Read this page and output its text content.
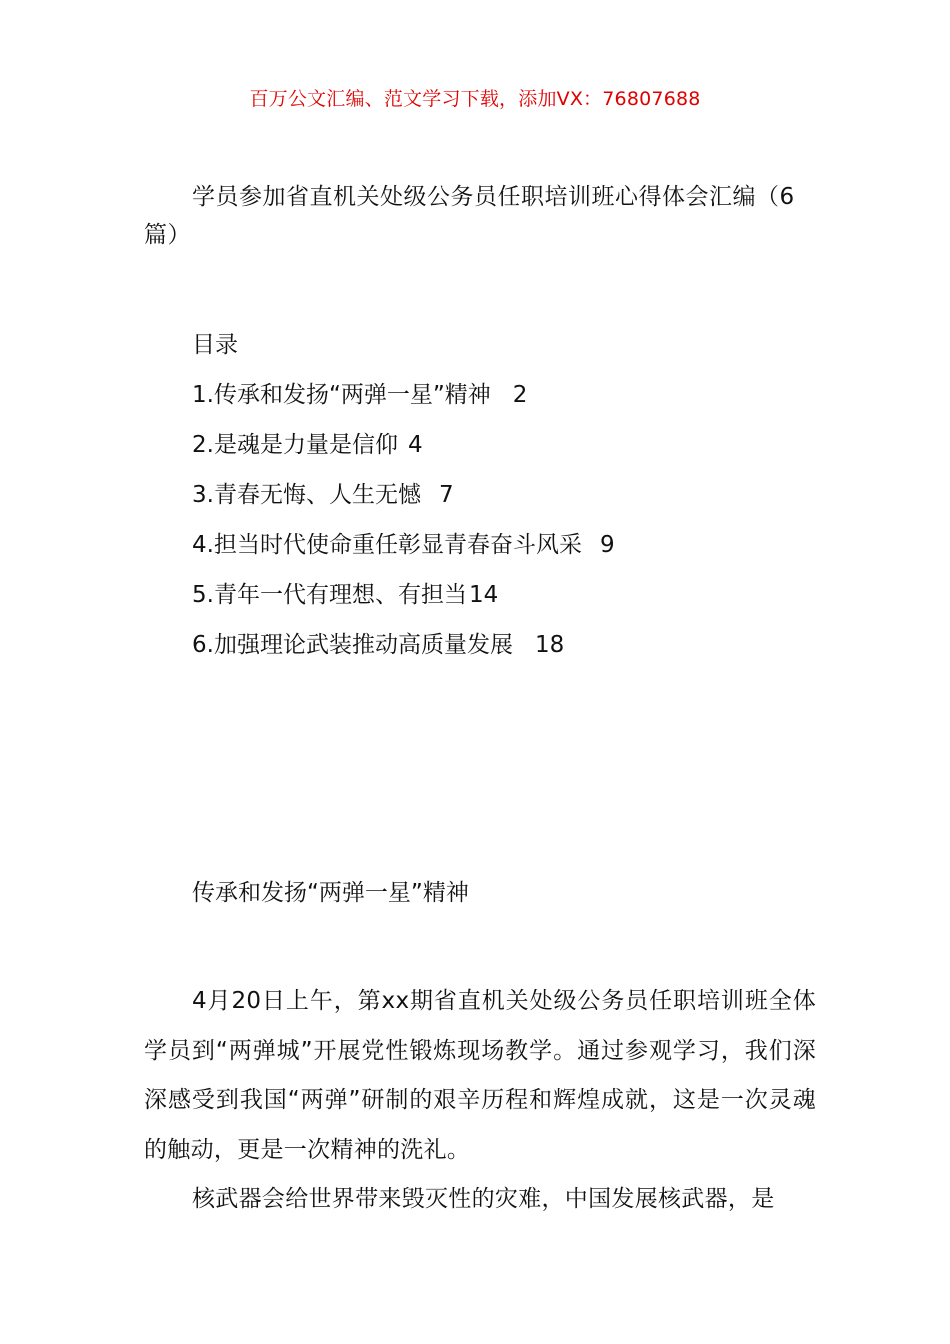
百万公文汇编、范文学习下载，添加VX：76807688
学员参加省直机关处级公务员任职培训班心得体会汇编（6篇）
目录
1.传承和发扬“两弹一星”精神 2
2.是魂是力量是信仰 4
3.青春无悔、人生无憾 7
4.担当时代使命重任彰显青春奋斗风采 9
5.青年一代有理想、有担当14
6.加强理论武装推动高质量发展 18
传承和发扬“两弹一星”精神

4月20日上午，第xx期省直机关处级公务员任职培训班全体学员到“两弹城”开展党性锻炼现场教学。通过参观学习，我们深深感受到我国“两弹”研制的艰辛历程和辉煌成就，这是一次灵魂的触动，更是一次精神的洗礼。

核武器会给世界带来毁灭性的灾难，中国发展核武器，是
